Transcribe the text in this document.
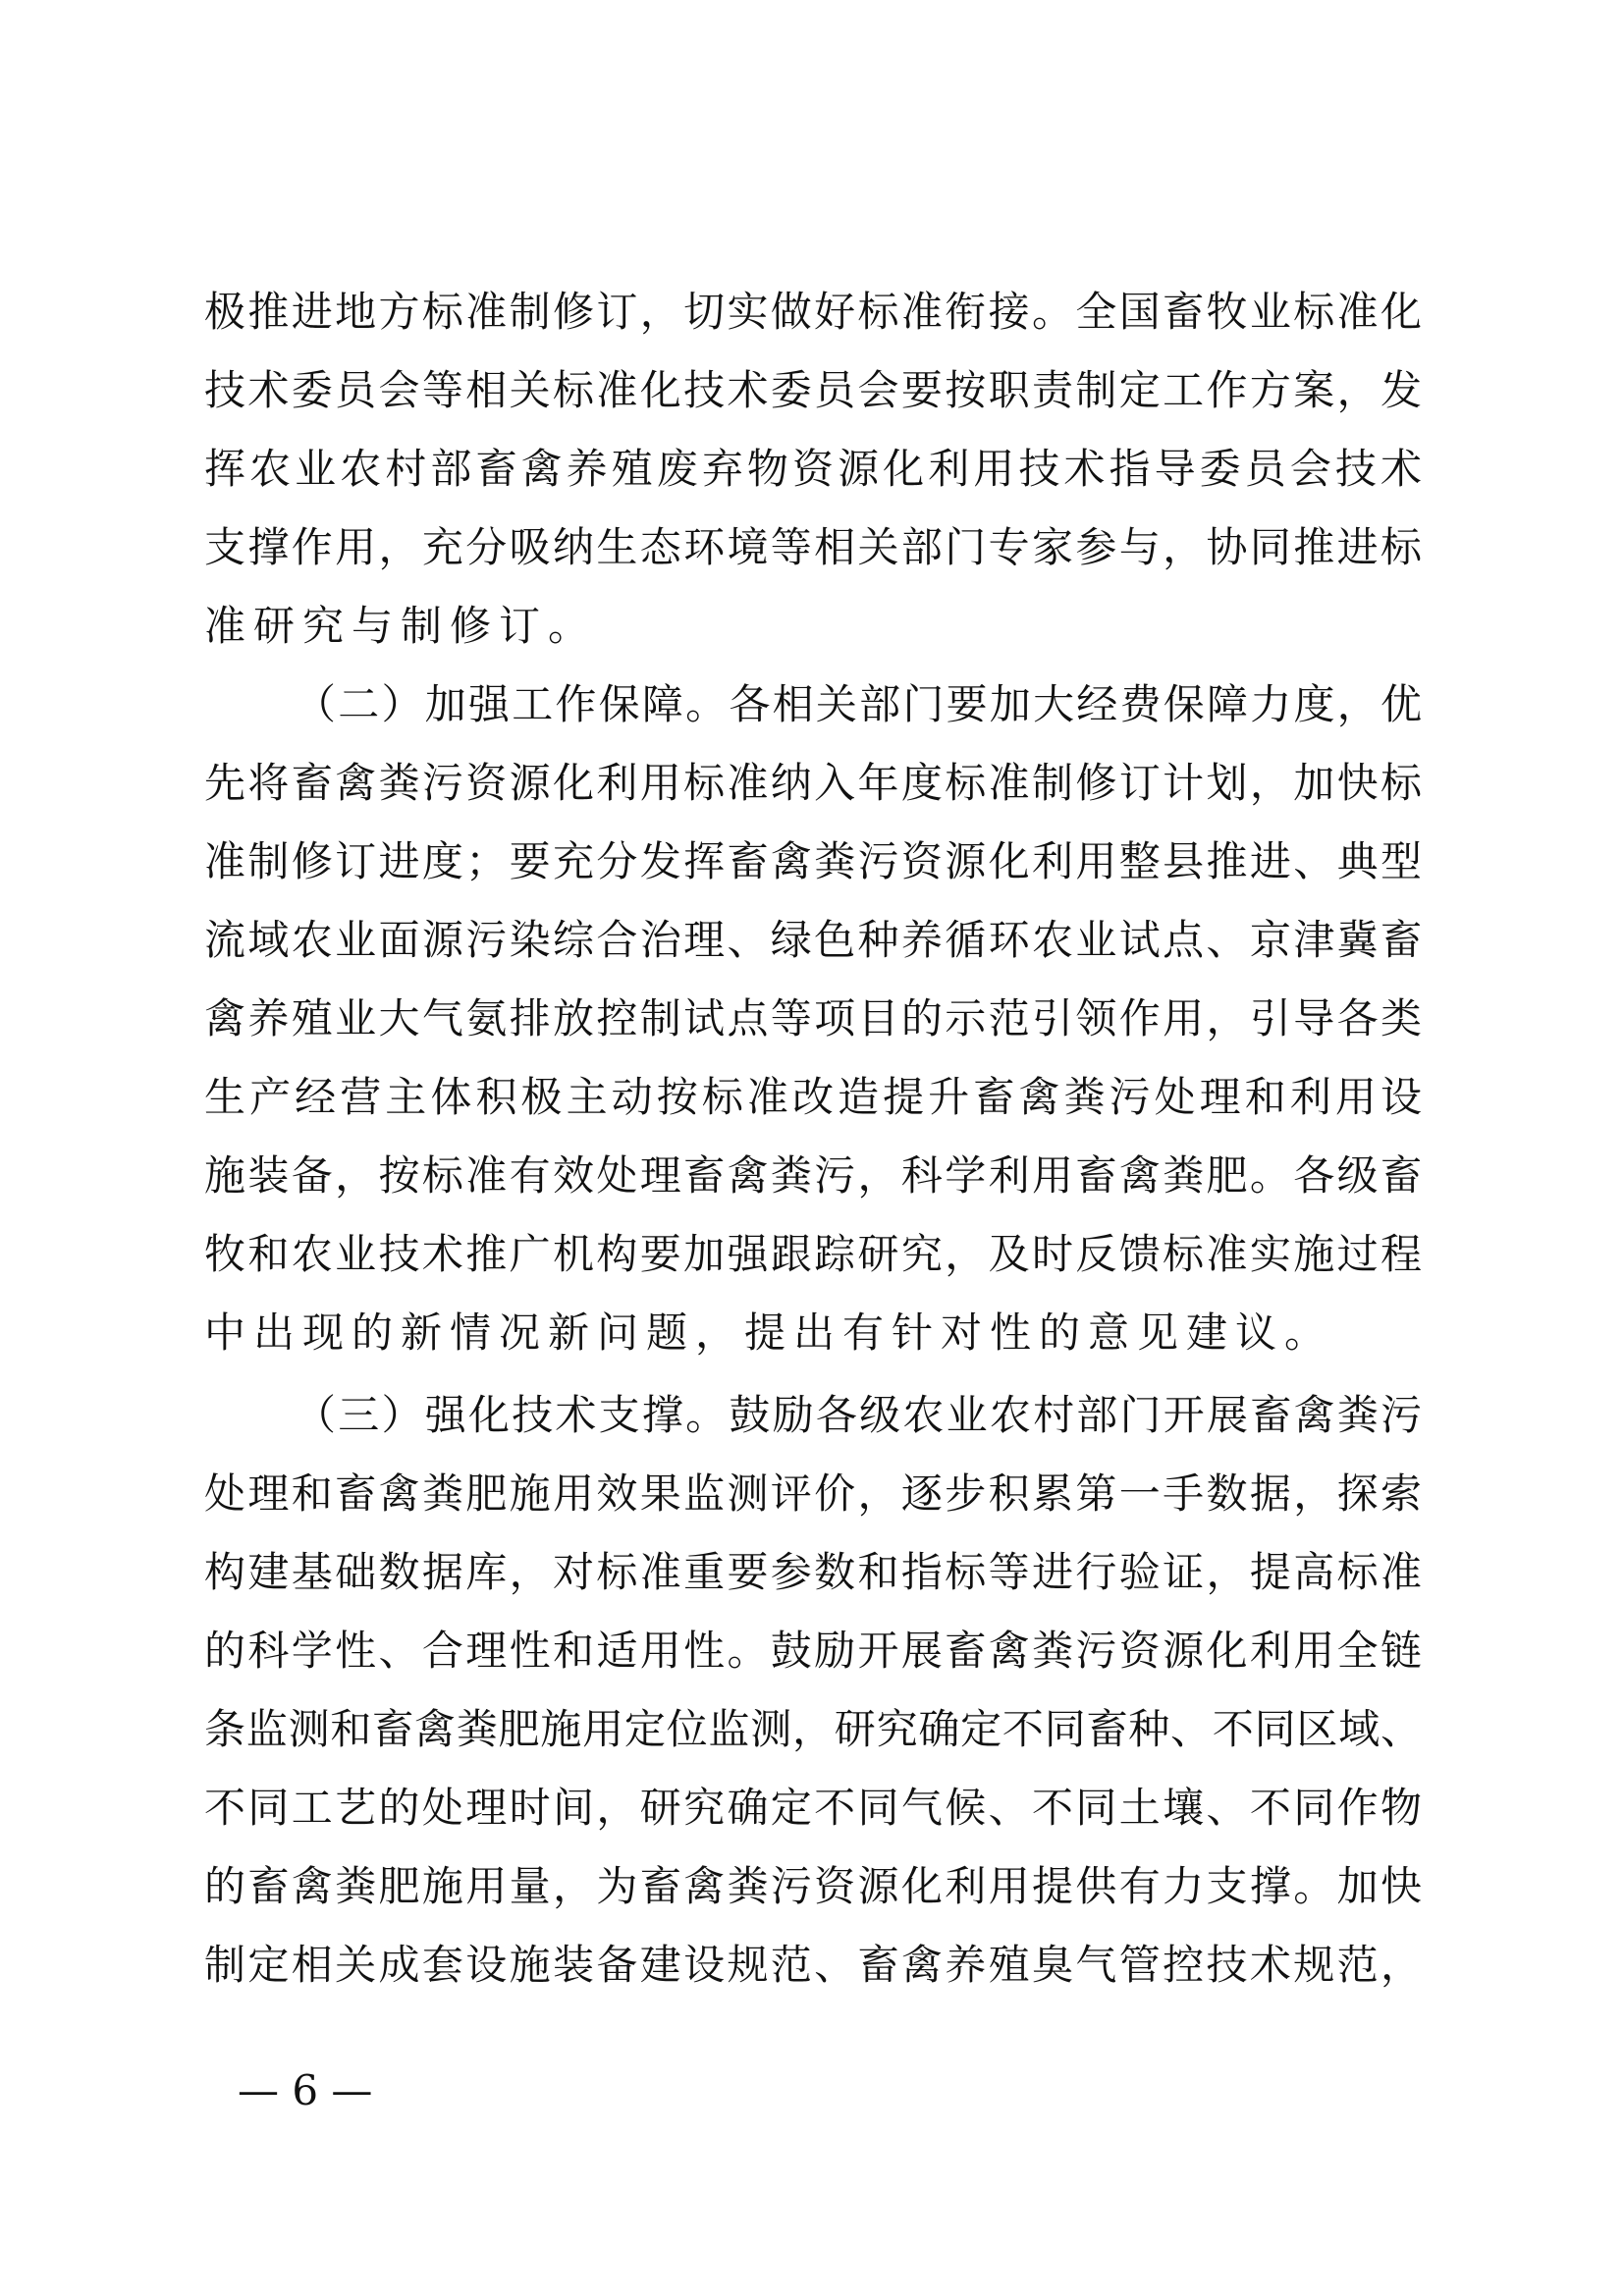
极推进地方标准制修订，切实做好标准衔接。全国畜牧业标准化
技术委员会等相关标准化技术委员会要按职责制定工作方案，发
挥农业农村部畜禽养殖废弃物资源化利用技术指导委员会技术
支撑作用，充分吸纳生态环境等相关部门专家参与，协同推进标
准研究与制修订。
（二）加强工作保障。各相关部门要加大经费保障力度，优
先将畜禽粪污资源化利用标准纳入年度标准制修订计划，加快标
准制修订进度；要充分发挥畜禽粪污资源化利用整县推进、典型
流域农业面源污染综合治理、绿色种养循环农业试点、京津冀畜
禽养殖业大气氨排放控制试点等项目的示范引领作用，引导各类
生产经营主体积极主动按标准改造提升畜禽粪污处理和利用设
施装备，按标准有效处理畜禽粪污，科学利用畜禽粪肥。各级畜
牧和农业技术推广机构要加强跟踪研究，及时反馈标准实施过程
中出现的新情况新问题，提出有针对性的意见建议。
（三）强化技术支撑。鼓励各级农业农村部门开展畜禽粪污
处理和畜禽粪肥施用效果监测评价，逐步积累第一手数据，探索
构建基础数据库，对标准重要参数和指标等进行验证，提高标准
的科学性、合理性和适用性。鼓励开展畜禽粪污资源化利用全链
条监测和畜禽粪肥施用定位监测，研究确定不同畜种、不同区域、
不同工艺的处理时间，研究确定不同气候、不同土壤、不同作物
的畜禽粪肥施用量，为畜禽粪污资源化利用提供有力支撑。加快
制定相关成套设施装备建设规范、畜禽养殖臭气管控技术规范，
— 6 —
